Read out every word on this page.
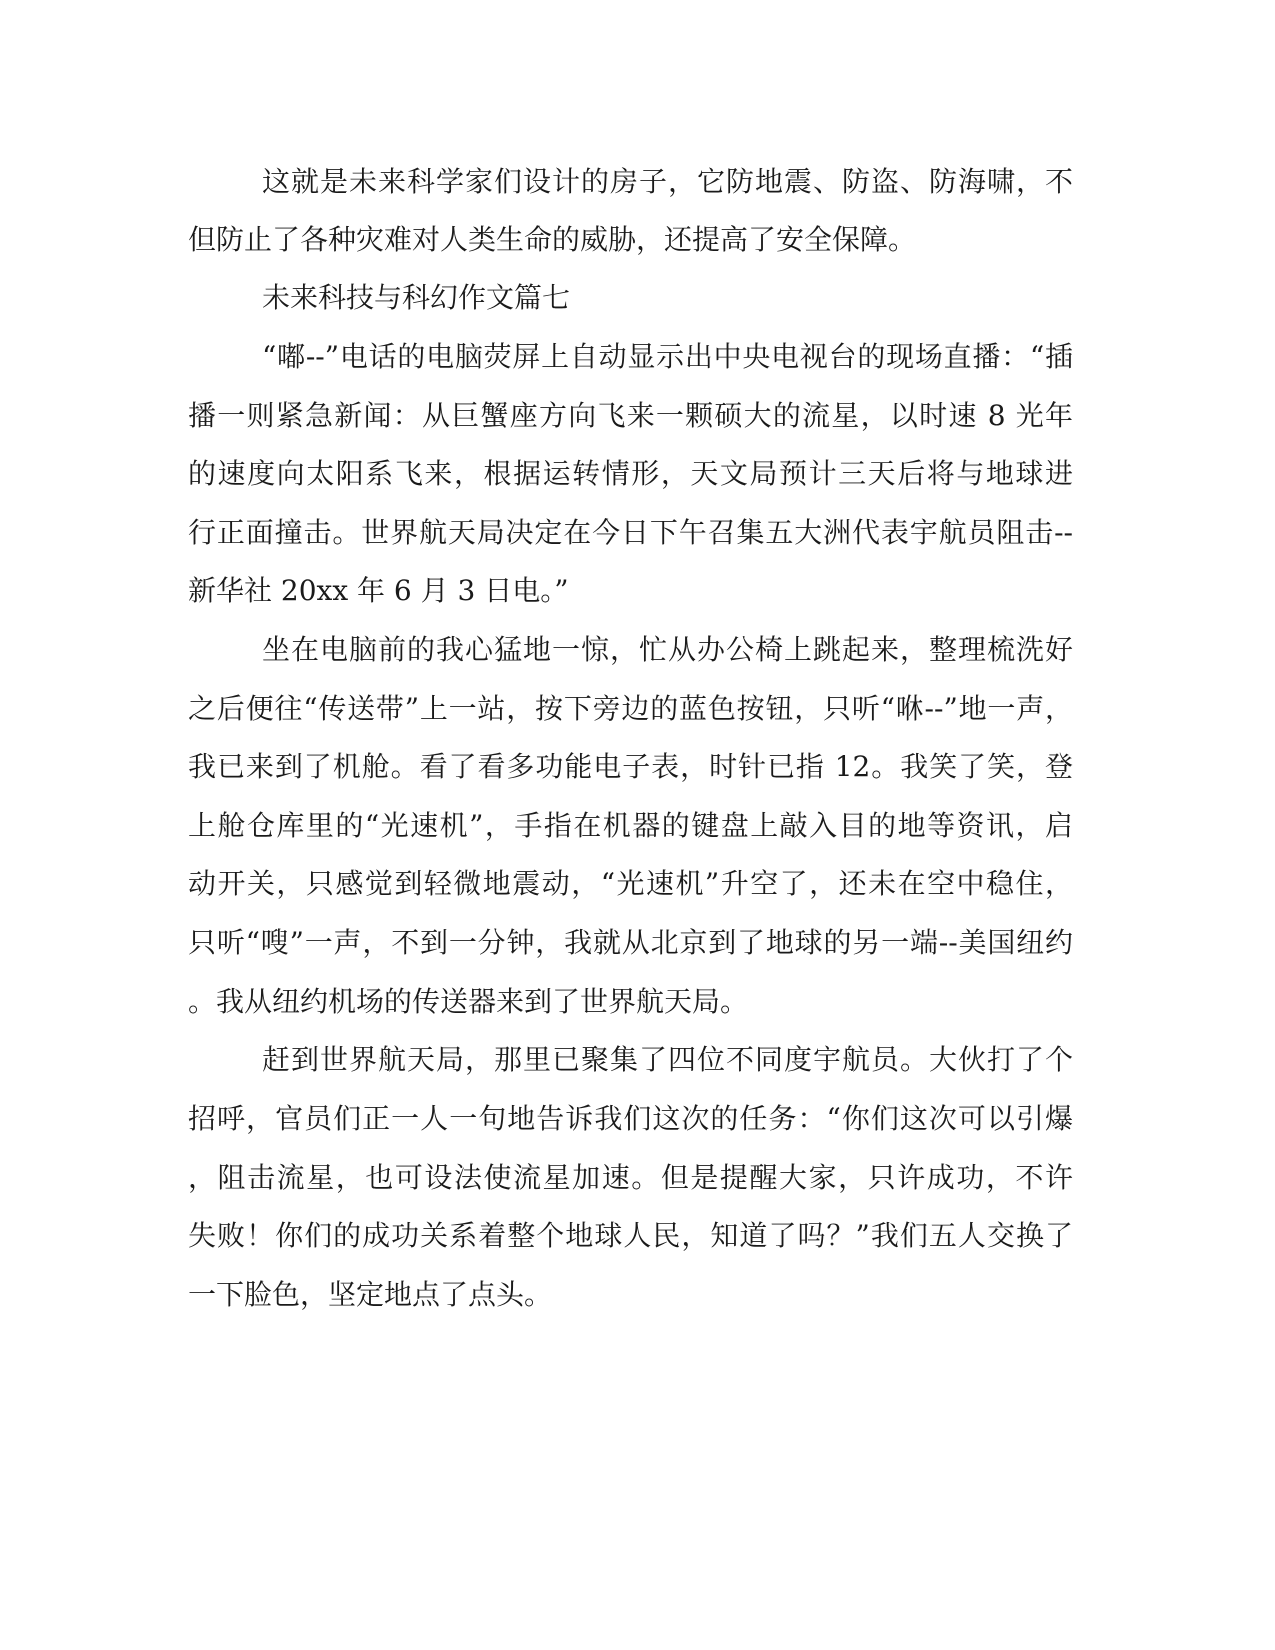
这就是未来科学家们设计的房子，它防地震、防盗、防海啸，不
但防止了各种灾难对人类生命的威胁，还提高了安全保障。
未来科技与科幻作文篇七
“嘟--”电话的电脑荧屏上自动显示出中央电视台的现场直播：“插
播一则紧急新闻：从巨蟹座方向飞来一颗硕大的流星，以时速 8 光年
的速度向太阳系飞来，根据运转情形，天文局预计三天后将与地球进
行正面撞击。世界航天局决定在今日下午召集五大洲代表宇航员阻击--
新华社 20xx 年 6 月 3 日电。”
坐在电脑前的我心猛地一惊，忙从办公椅上跳起来，整理梳洗好
之后便往“传送带”上一站，按下旁边的蓝色按钮，只听“咻--”地一声，
我已来到了机舱。看了看多功能电子表，时针已指 12。我笑了笑，登
上舱仓库里的“光速机”，手指在机器的键盘上敲入目的地等资讯，启
动开关，只感觉到轻微地震动，“光速机”升空了，还未在空中稳住，
只听“嗖”一声，不到一分钟，我就从北京到了地球的另一端--美国纽约
。我从纽约机场的传送器来到了世界航天局。
赶到世界航天局，那里已聚集了四位不同度宇航员。大伙打了个
招呼，官员们正一人一句地告诉我们这次的任务：“你们这次可以引爆
，阻击流星，也可设法使流星加速。但是提醒大家，只许成功，不许
失败！你们的成功关系着整个地球人民，知道了吗？”我们五人交换了
一下脸色，坚定地点了点头。
